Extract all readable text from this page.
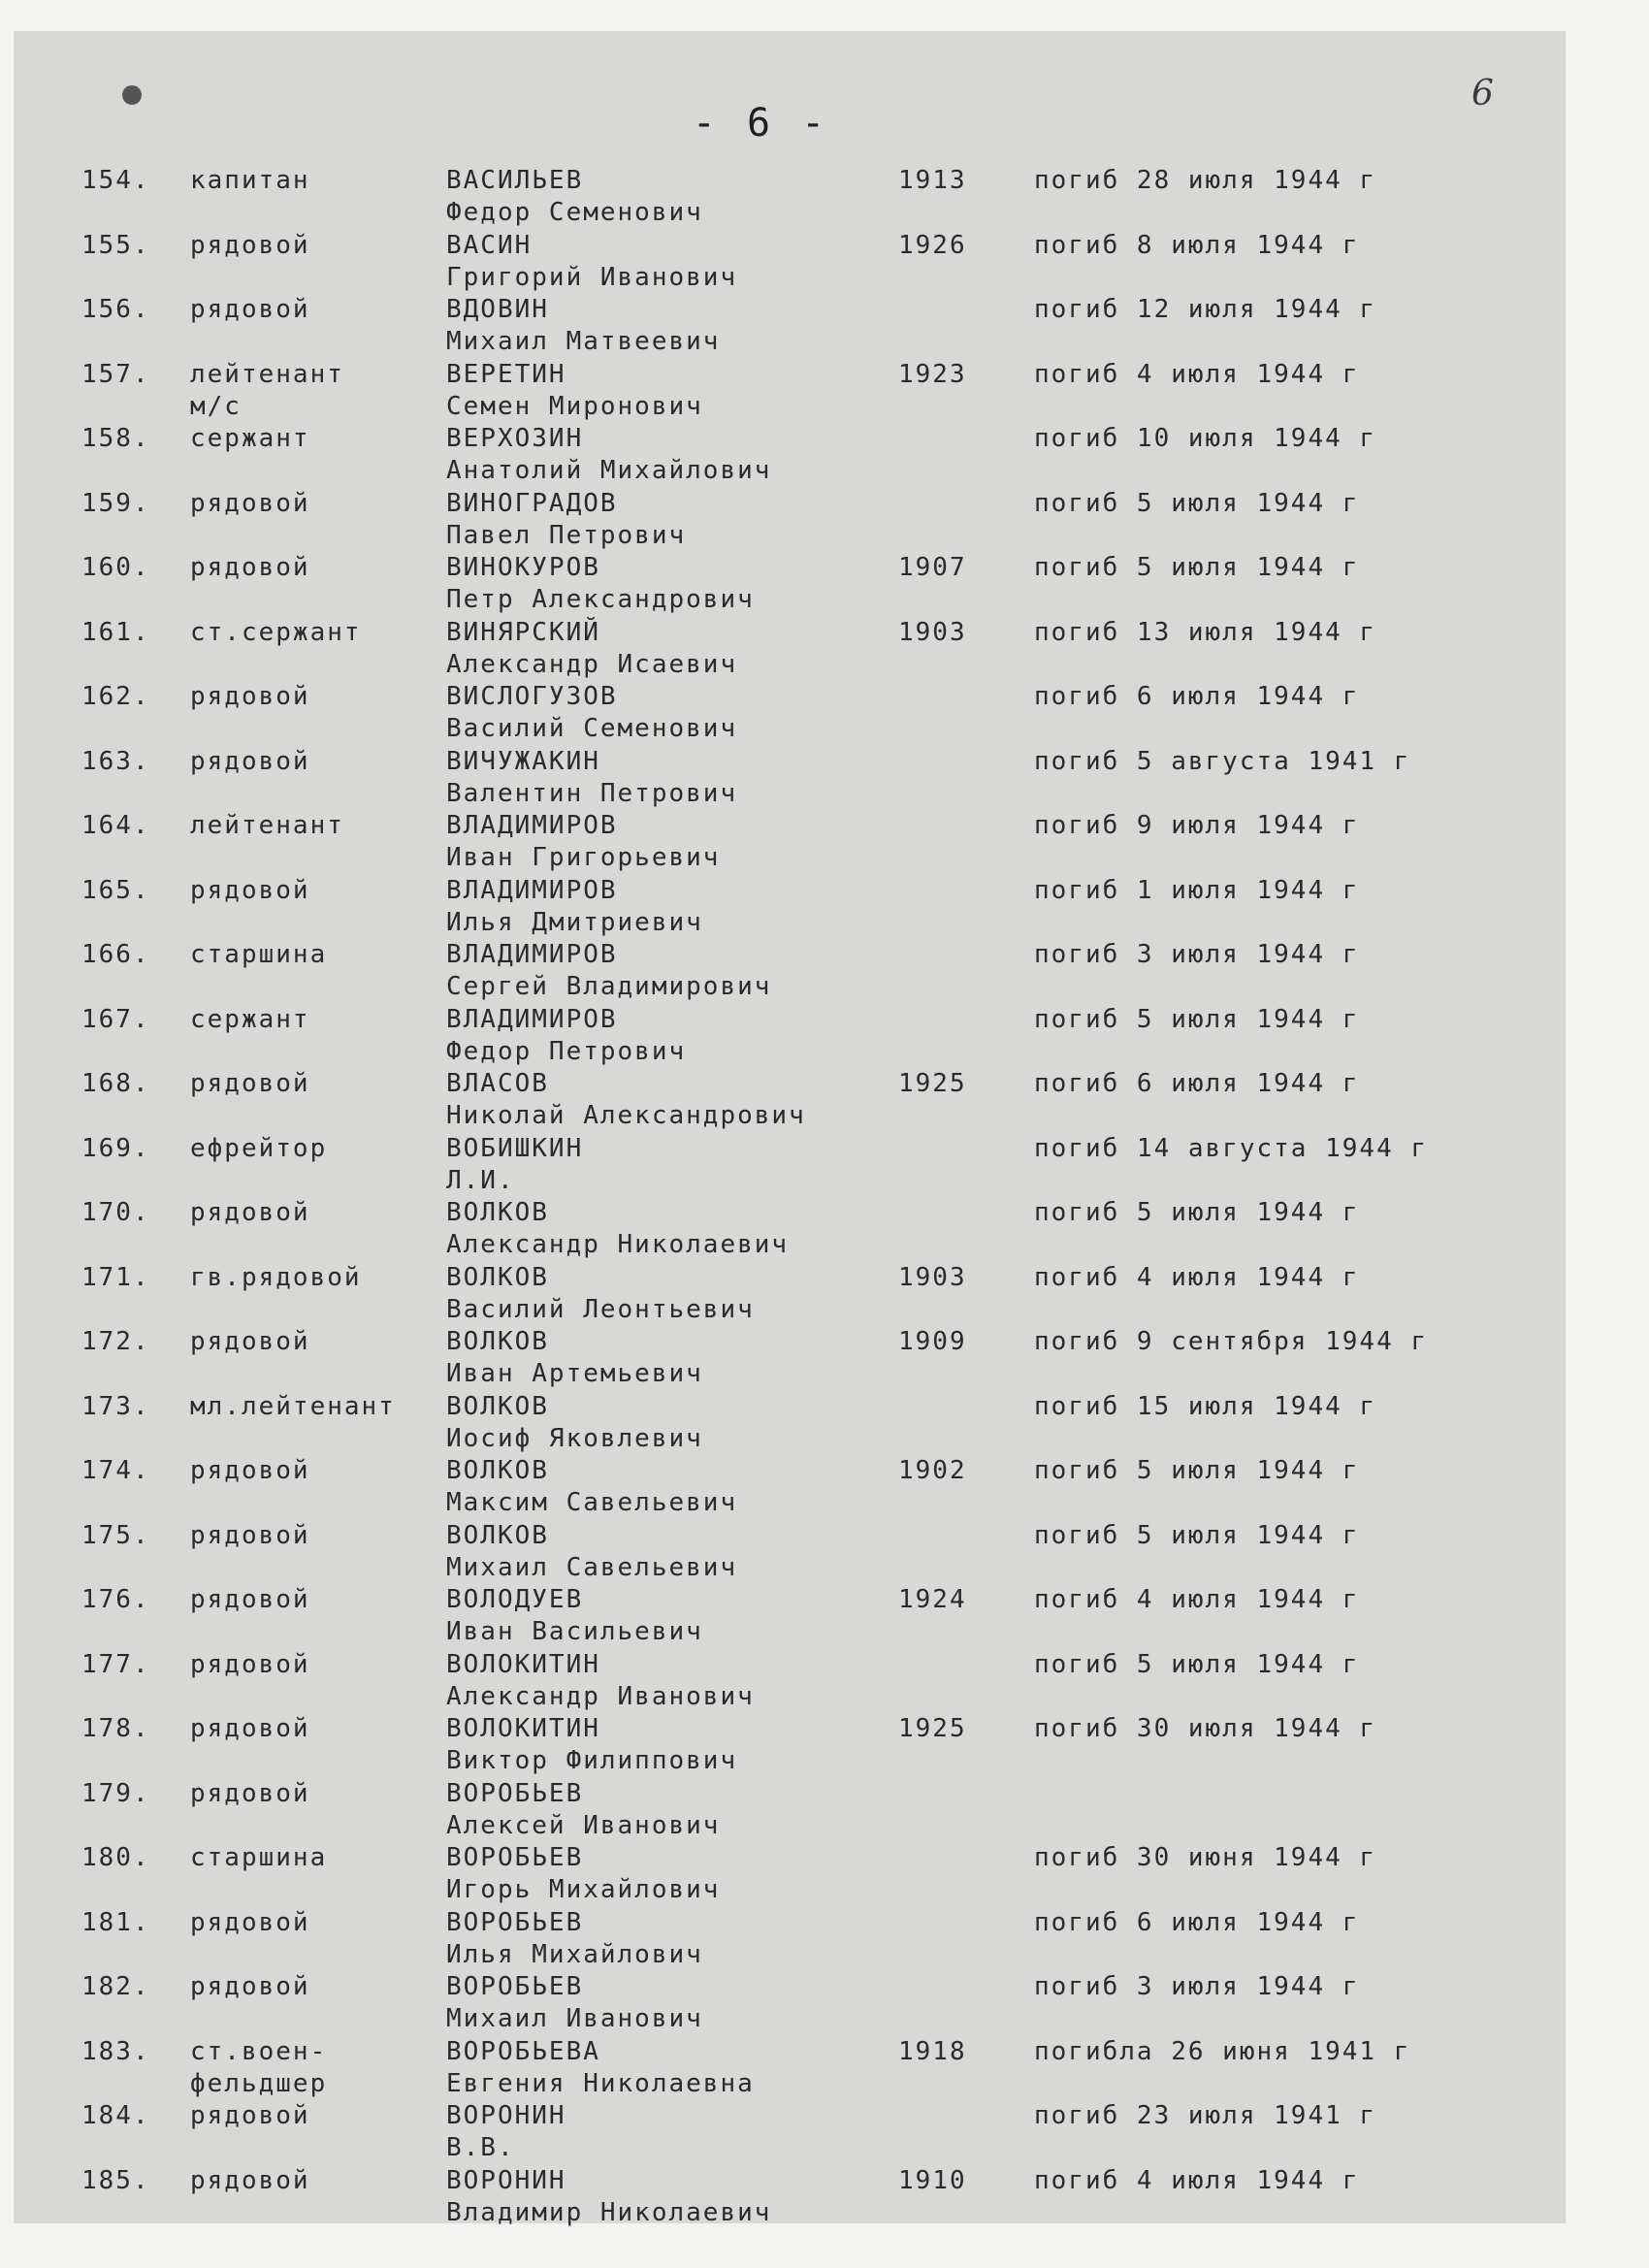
- 6 -
6
154. капитан	ВАСИЛЬЕВ
Федор Семенович
1913	погиб 28 июля 1944 г
155. рядовой	ВАСИН
Григорий Иванович
1926	погиб 8 июля 1944 г
156. рядовой	ВДОВИН
Михаил Матвеевич
погиб 12 июля 1944 г
157. лейтенант
м/с
ВЕРЕТИН
Семен Миронович
1923	погиб 4 июля 1944 г
158. сержант	ВЕРХОЗИН
Анатолий Михайлович
погиб 10 июля 1944 г
159. рядовой	ВИНОГРАДОВ
Павел Петрович
погиб 5 июля 1944 г
160. рядовой	ВИНОКУРОВ
Петр Александрович
1907	погиб 5 июля 1944 г
161. ст.сержант	ВИНЯРСКИЙ
Александр Исаевич
1903	погиб 13 июля 1944 г
162. рядовой	ВИСЛОГУЗОВ
Василий Семенович
погиб 6 июля 1944 г
163. рядовой	ВИЧУЖАКИН
Валентин Петрович
погиб 5 августа 1941 г
164. лейтенант	ВЛАДИМИРОВ
Иван Григорьевич
погиб 9 июля 1944 г
165. рядовой	ВЛАДИМИРОВ
Илья Дмитриевич
погиб 1 июля 1944 г
166. старшина	ВЛАДИМИРОВ
Сергей Владимирович
погиб 3 июля 1944 г
167. сержант	ВЛАДИМИРОВ
Федор Петрович
погиб 5 июля 1944 г
168. рядовой	ВЛАСОВ
Николай Александрович
1925	погиб 6 июля 1944 г
169. ефрейтор	ВОБИШКИН
Л.И.
погиб 14 августа 1944 г
170. рядовой	ВОЛКОВ
Александр Николаевич
погиб 5 июля 1944 г
171. гв.рядовой	ВОЛКОВ
Василий Леонтьевич
1903	погиб 4 июля 1944 г
172. рядовой	ВОЛКОВ
Иван Артемьевич
1909	погиб 9 сентября 1944 г
173. мл.лейтенант ВОЛКОВ
Иосиф Яковлевич
погиб 15 июля 1944 г
174. рядовой	ВОЛКОВ
Максим Савельевич
1902	погиб 5 июля 1944 г
175. рядовой	ВОЛКОВ
Михаил Савельевич
погиб 5 июля 1944 г
176. рядовой	ВОЛОДУЕВ
Иван Васильевич
1924	погиб 4 июля 1944 г
177. рядовой	ВОЛОКИТИН
Александр Иванович
погиб 5 июля 1944 г
178. рядовой	ВОЛОКИТИН
Виктор Филиппович
1925	погиб 30 июля 1944 г
179. рядовой	ВОРОБЬЕВ
Алексей Иванович
180. старшина	ВОРОБЬЕВ
Игорь Михайлович
погиб 30 июня 1944 г
181. рядовой	ВОРОБЬЕВ
Илья Михайлович
погиб 6 июля 1944 г
182. рядовой	ВОРОБЬЕВ
Михаил Иванович
погиб 3 июля 1944 г
183. ст.воен-
фельдшер
ВОРОБЬЕВА
Евгения Николаевна
1918	погибла 26 июня 1941 г
184. рядовой	ВОРОНИН
В.В.
погиб 23 июля 1941 г
185. рядовой	ВОРОНИН
Владимир Николаевич
1910	погиб 4 июля 1944 г
